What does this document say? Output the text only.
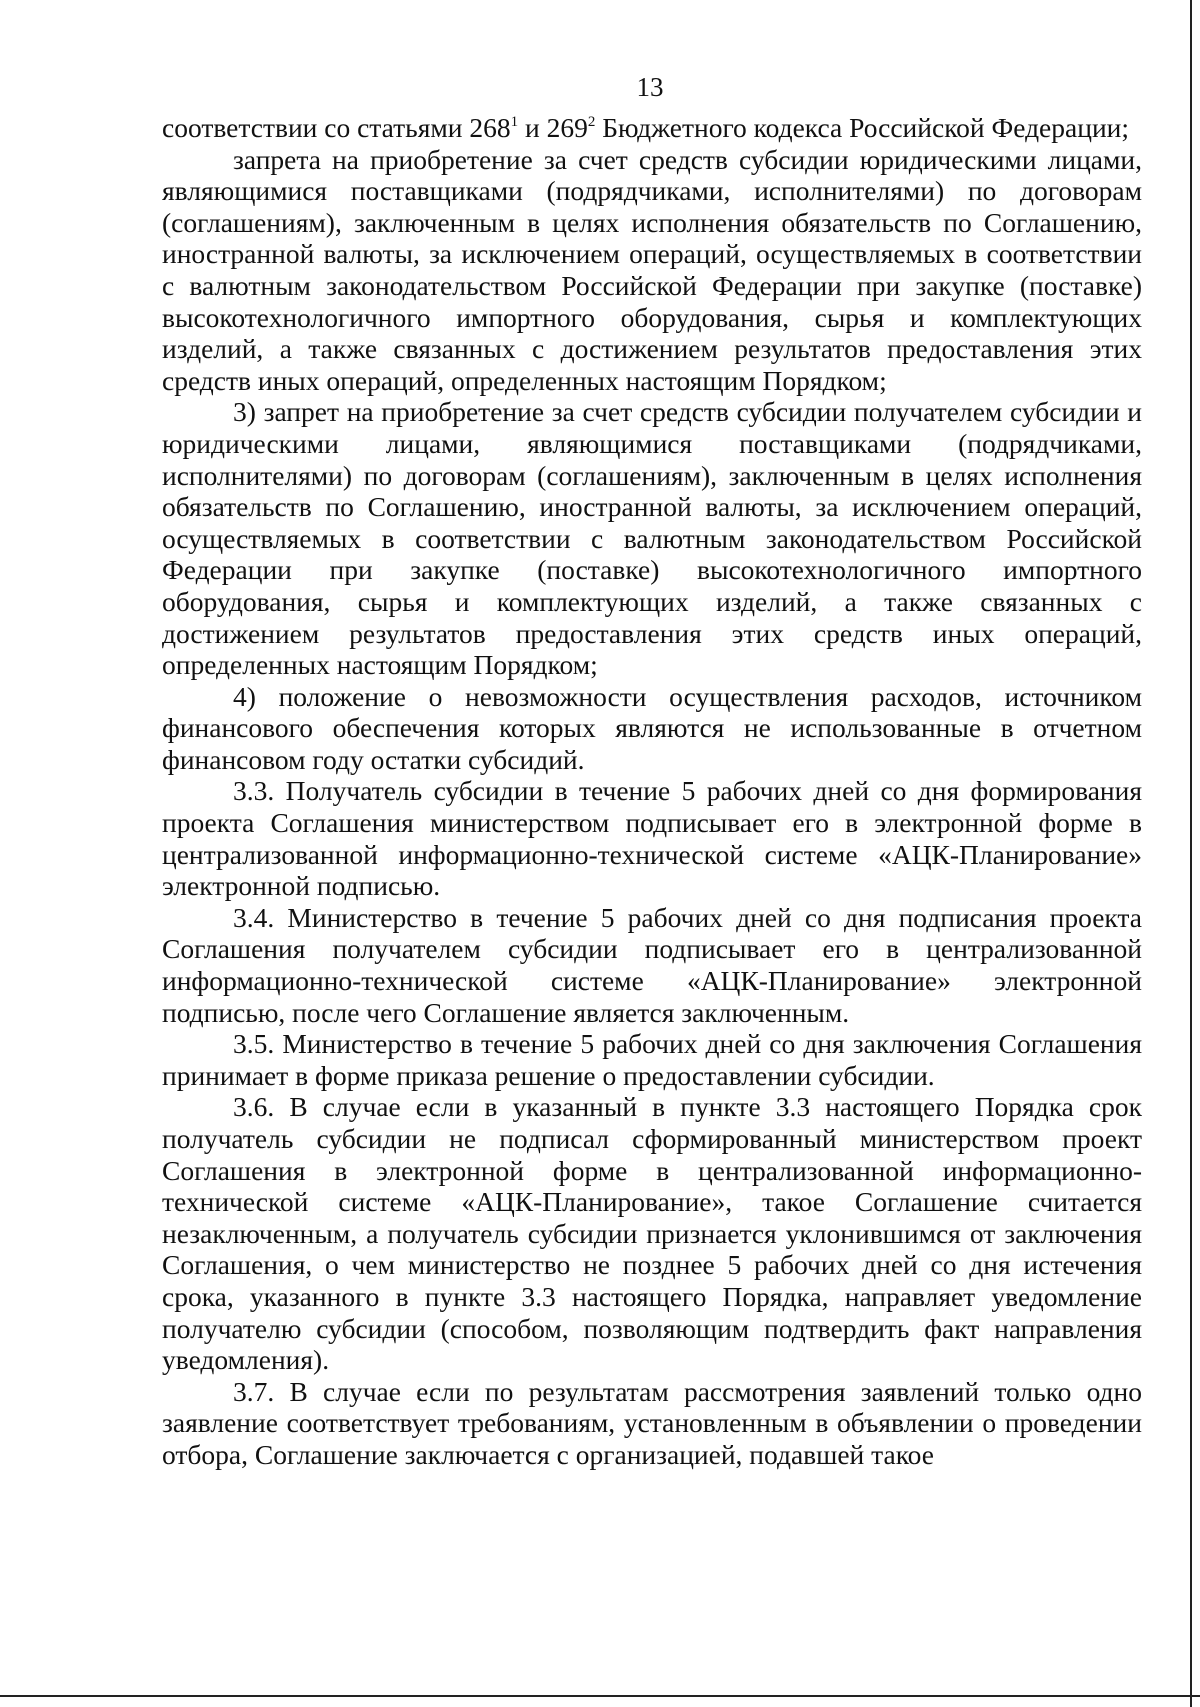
13

соответствии со статьями $268^1$ и $269^2$ Бюджетного кодекса Российской Федерации;

запрета на приобретение за счет средств субсидии юридическими лицами, являющимися поставщиками (подрядчиками, исполнителями) по договорам (соглашениям), заключенным в целях исполнения обязательств по Соглашению, иностранной валюты, за исключением операций, осуществляемых в соответствии с валютным законодательством Российской Федерации при закупке (поставке) высокотехнологичного импортного оборудования, сырья и комплектующих изделий, а также связанных с достижением результатов предоставления этих средств иных операций, определенных настоящим Порядком;

3) запрет на приобретение за счет средств субсидии получателем субсидии и юридическими лицами, являющимися поставщиками (подрядчиками, исполнителями) по договорам (соглашениям), заключенным в целях исполнения обязательств по Соглашению, иностранной валюты, за исключением операций, осуществляемых в соответствии с валютным законодательством Российской Федерации при закупке (поставке) высокотехнологичного импортного оборудования, сырья и комплектующих изделий, а также связанных с достижением результатов предоставления этих средств иных операций, определенных настоящим Порядком;

4) положение о невозможности осуществления расходов, источником финансового обеспечения которых являются не использованные в отчетном финансовом году остатки субсидий.

3.3. Получатель субсидии в течение 5 рабочих дней со дня формирования проекта Соглашения министерством подписывает его в электронной форме в централизованной информационно-технической системе «АЦК-Планирование» электронной подписью.

3.4. Министерство в течение 5 рабочих дней со дня подписания проекта Соглашения получателем субсидии подписывает его в централизованной информационно-технической системе «АЦК-Планирование» электронной подписью, после чего Соглашение является заключенным.

3.5. Министерство в течение 5 рабочих дней со дня заключения Соглашения принимает в форме приказа решение о предоставлении субсидии.

3.6. В случае если в указанный в пункте 3.3 настоящего Порядка срок получатель субсидии не подписал сформированный министерством проект Соглашения в электронной форме в централизованной информационно-технической системе «АЦК-Планирование», такое Соглашение считается незаключенным, а получатель субсидии признается уклонившимся от заключения Соглашения, о чем министерство не позднее 5 рабочих дней со дня истечения срока, указанного в пункте 3.3 настоящего Порядка, направляет уведомление получателю субсидии (способом, позволяющим подтвердить факт направления уведомления).

3.7. В случае если по результатам рассмотрения заявлений только одно заявление соответствует требованиям, установленным в объявлении о проведении отбора, Соглашение заключается с организацией, подавшей такое
